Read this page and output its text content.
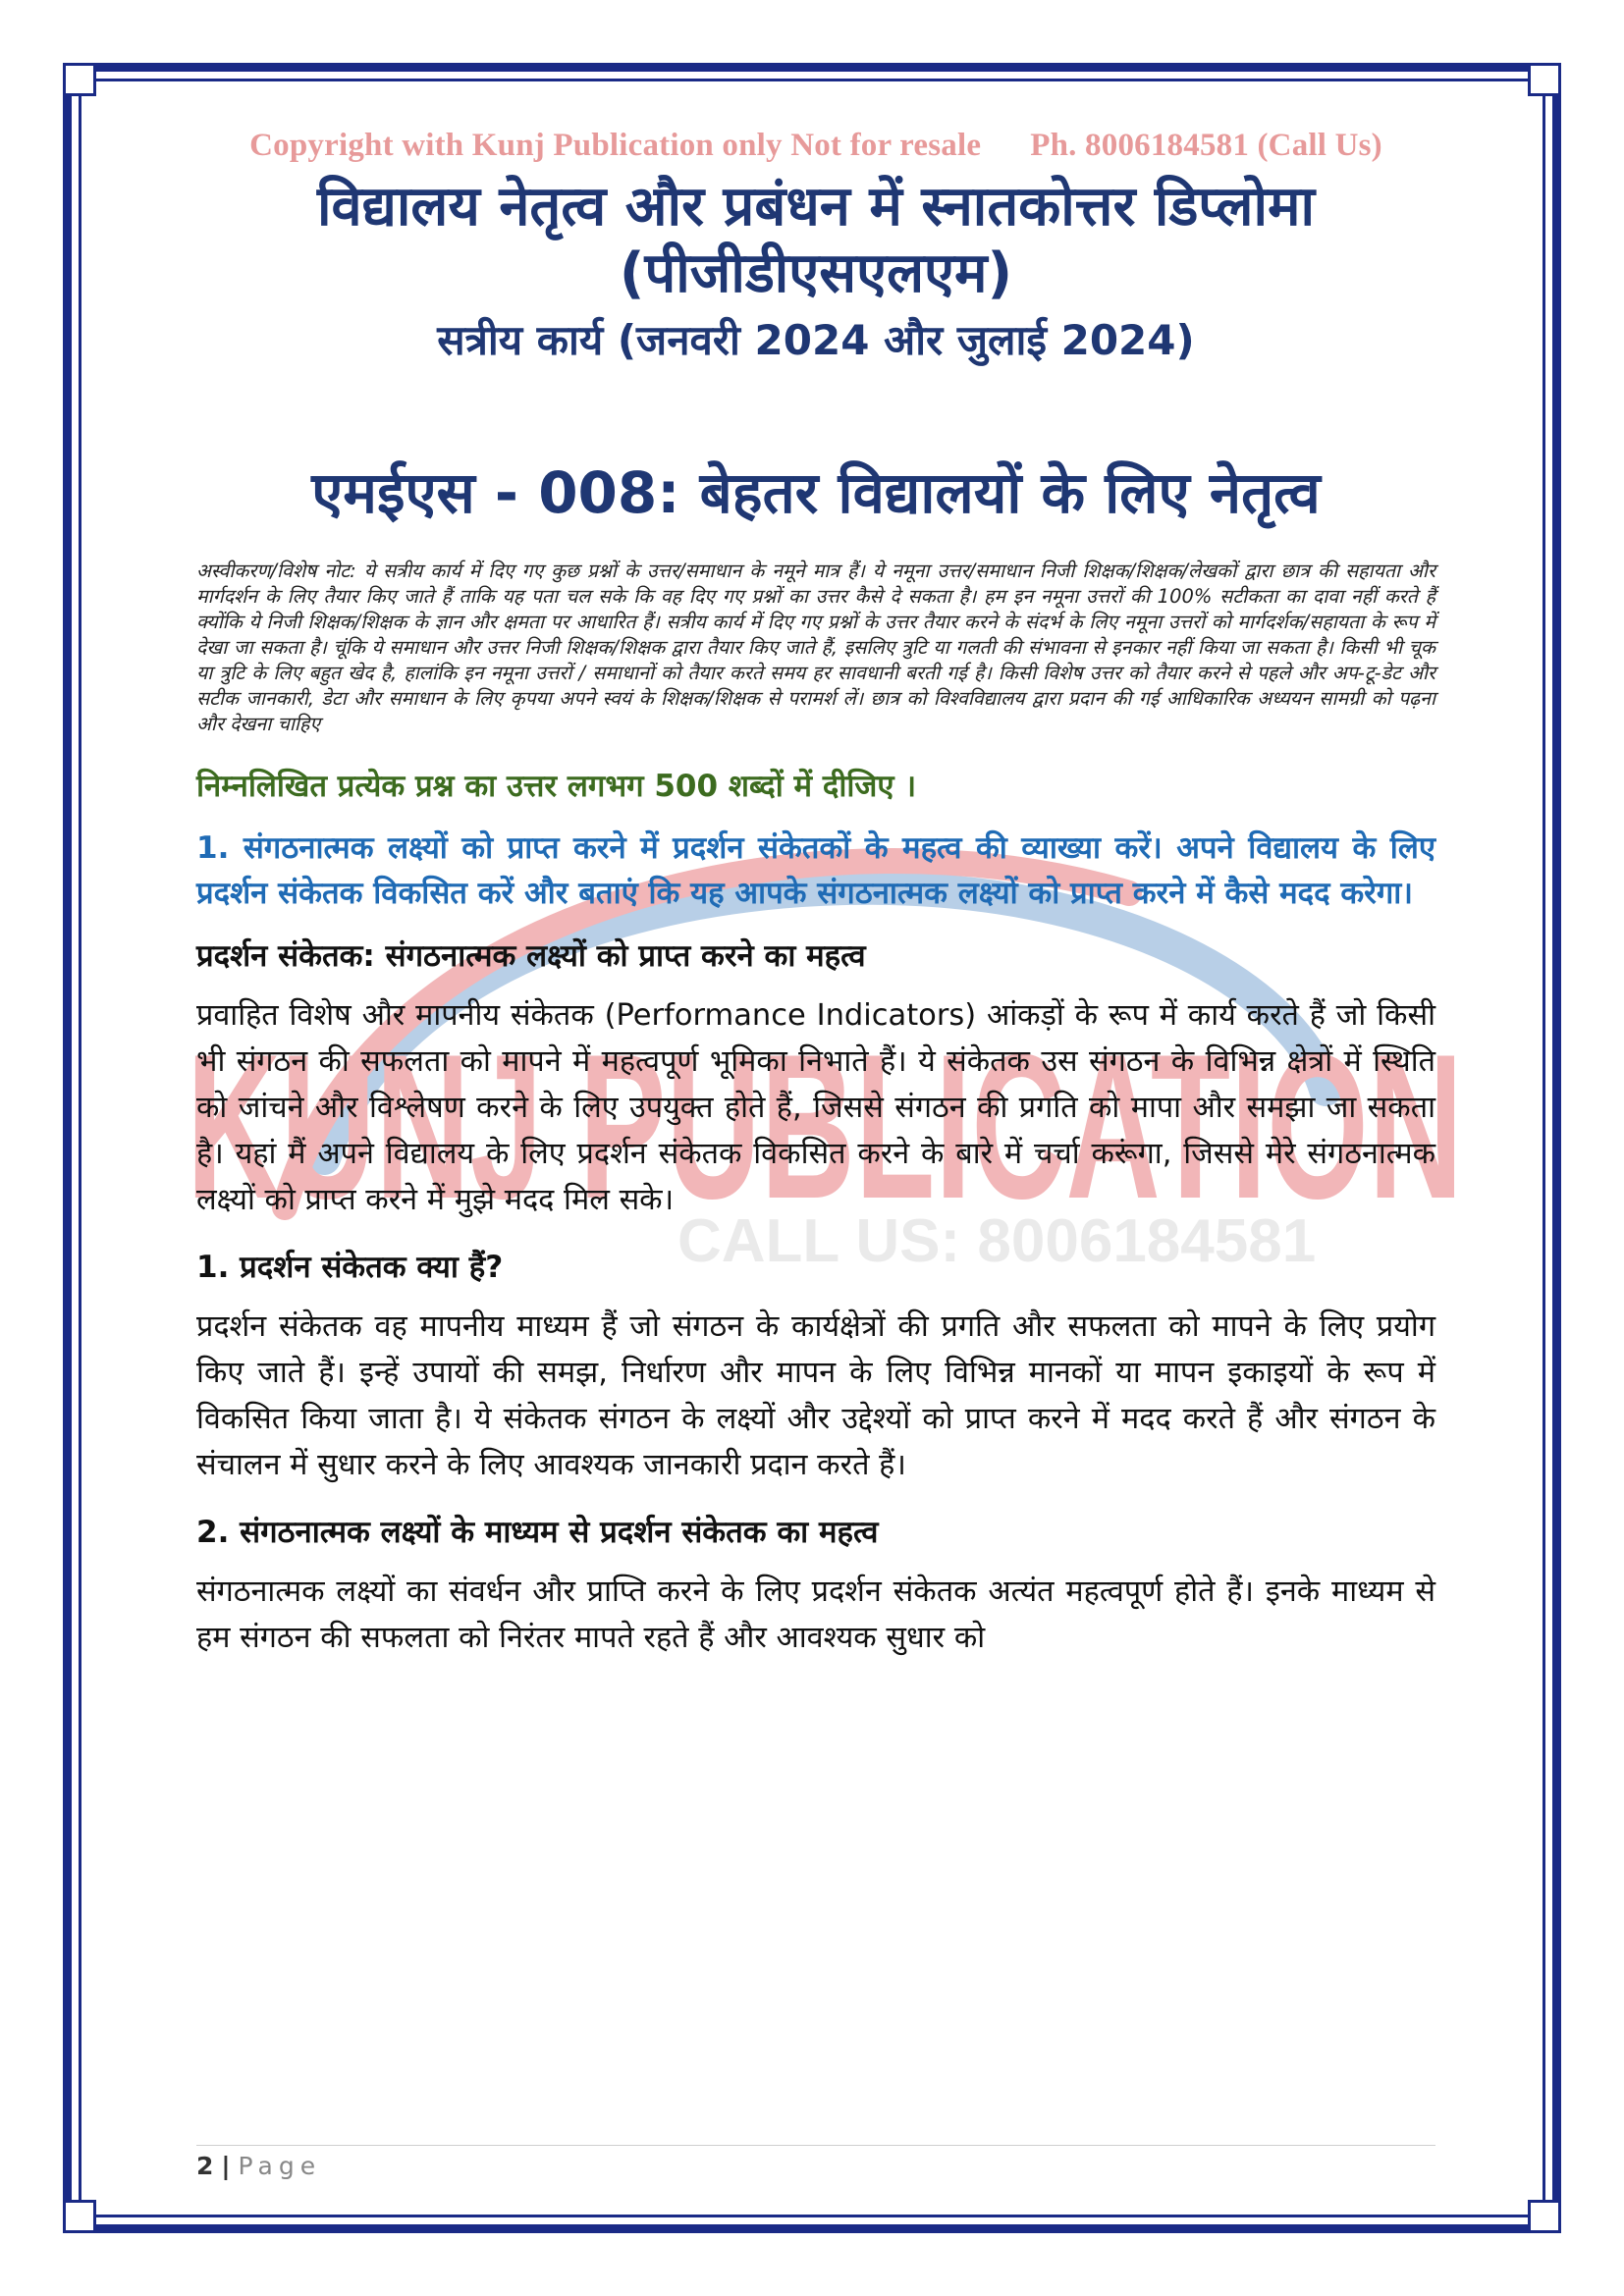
KUNJ PUBLICATION
CALL US: 8006184581

Copyright with Kunj Publication only Not for resale Ph. 8006184581 (Call Us)

विद्यालय नेतृत्व और प्रबंधन में स्नातकोत्तर डिप्लोमा
(पीजीडीएसएलएम)
सत्रीय कार्य (जनवरी 2024 और जुलाई 2024)
एमईएस - 008: बेहतर विद्यालयों के लिए नेतृत्व

अस्वीकरण/विशेष नोट: ये सत्रीय कार्य में दिए गए कुछ प्रश्नों के उत्तर/समाधान के नमूने मात्र हैं। ये नमूना उत्तर/समाधान निजी शिक्षक/शिक्षक/लेखकों द्वारा छात्र की सहायता और मार्गदर्शन के लिए तैयार किए जाते हैं ताकि यह पता चल सके कि वह दिए गए प्रश्नों का उत्तर कैसे दे सकता है। हम इन नमूना उत्तरों की 100% सटीकता का दावा नहीं करते हैं क्योंकि ये निजी शिक्षक/शिक्षक के ज्ञान और क्षमता पर आधारित हैं। सत्रीय कार्य में दिए गए प्रश्नों के उत्तर तैयार करने के संदर्भ के लिए नमूना उत्तरों को मार्गदर्शक/सहायता के रूप में देखा जा सकता है। चूंकि ये समाधान और उत्तर निजी शिक्षक/शिक्षक द्वारा तैयार किए जाते हैं, इसलिए त्रुटि या गलती की संभावना से इनकार नहीं किया जा सकता है। किसी भी चूक या त्रुटि के लिए बहुत खेद है, हालांकि इन नमूना उत्तरों / समाधानों को तैयार करते समय हर सावधानी बरती गई है। किसी विशेष उत्तर को तैयार करने से पहले और अप-टू-डेट और सटीक जानकारी, डेटा और समाधान के लिए कृपया अपने स्वयं के शिक्षक/शिक्षक से परामर्श लें। छात्र को विश्वविद्यालय द्वारा प्रदान की गई आधिकारिक अध्ययन सामग्री को पढ़ना और देखना चाहिए

निम्नलिखित प्रत्येक प्रश्न का उत्तर लगभग 500 शब्दों में दीजिए ।

1. संगठनात्मक लक्ष्यों को प्राप्त करने में प्रदर्शन संकेतकों के महत्व की व्याख्या करें। अपने विद्यालय के लिए प्रदर्शन संकेतक विकसित करें और बताएं कि यह आपके संगठनात्मक लक्ष्यों को प्राप्त करने में कैसे मदद करेगा।

प्रदर्शन संकेतक: संगठनात्मक लक्ष्यों को प्राप्त करने का महत्व

प्रवाहित विशेष और मापनीय संकेतक (Performance Indicators) आंकड़ों के रूप में कार्य करते हैं जो किसी भी संगठन की सफलता को मापने में महत्वपूर्ण भूमिका निभाते हैं। ये संकेतक उस संगठन के विभिन्न क्षेत्रों में स्थिति को जांचने और विश्लेषण करने के लिए उपयुक्त होते हैं, जिससे संगठन की प्रगति को मापा और समझा जा सकता है। यहां मैं अपने विद्यालय के लिए प्रदर्शन संकेतक विकसित करने के बारे में चर्चा करूंगा, जिससे मेरे संगठनात्मक लक्ष्यों को प्राप्त करने में मुझे मदद मिल सके।

1. प्रदर्शन संकेतक क्या हैं?

प्रदर्शन संकेतक वह मापनीय माध्यम हैं जो संगठन के कार्यक्षेत्रों की प्रगति और सफलता को मापने के लिए प्रयोग किए जाते हैं। इन्हें उपायों की समझ, निर्धारण और मापन के लिए विभिन्न मानकों या मापन इकाइयों के रूप में विकसित किया जाता है। ये संकेतक संगठन के लक्ष्यों और उद्देश्यों को प्राप्त करने में मदद करते हैं और संगठन के संचालन में सुधार करने के लिए आवश्यक जानकारी प्रदान करते हैं।

2. संगठनात्मक लक्ष्यों के माध्यम से प्रदर्शन संकेतक का महत्व

संगठनात्मक लक्ष्यों का संवर्धन और प्राप्ति करने के लिए प्रदर्शन संकेतक अत्यंत महत्वपूर्ण होते हैं। इनके माध्यम से हम संगठन की सफलता को निरंतर मापते रहते हैं और आवश्यक सुधार को

2 | Page
